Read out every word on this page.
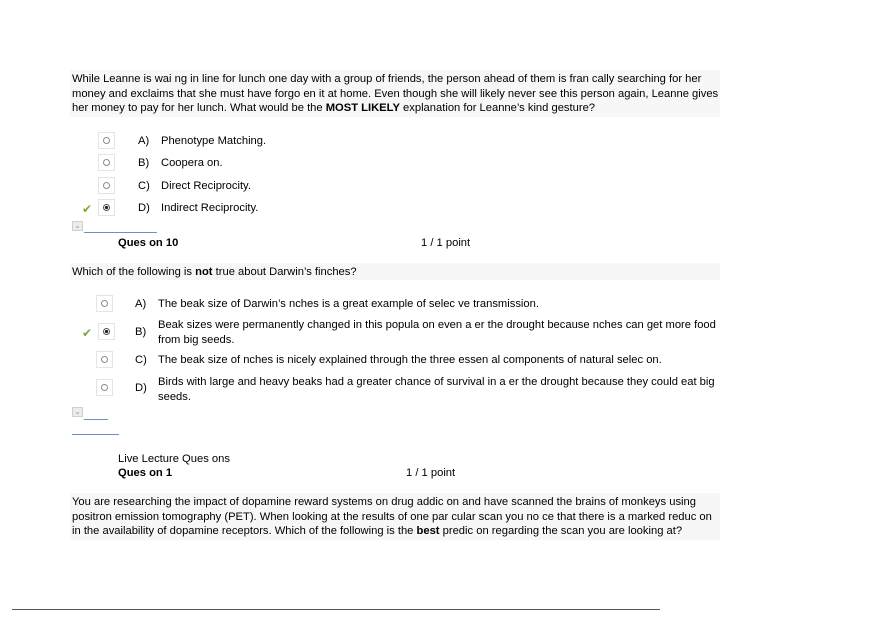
While Leanne is wai ng in line for lunch one day with a group of friends, the person ahead of them is fran cally searching for her
money and exclaims that she must have forgo en it at home. Even though she will likely never see this person again, Leanne gives
her money to pay for her lunch. What would be the MOST LIKELY explanation for Leanne’s kind gesture?
A) Phenotype Matching.
B) Coopera on.
C) Direct Reciprocity.
✔	D) Indirect Reciprocity.
⌄
Ques on 10	1 / 1 point
Which of the following is not true about Darwin’s finches?
A) The beak size of Darwin’s nches is a great example of selec ve transmission.
✔	B)
Beak sizes were permanently changed in this popula on even a er the drought because nches can get more food
from big seeds.
C) The beak size of nches is nicely explained through the three essen al components of natural selec on.
D) Birds with large and heavy beaks had a greater chance of survival in a er the drought because they could eat big
seeds.
⌄
Live Lecture Ques ons
Ques on 1	1 / 1 point
You are researching the impact of dopamine reward systems on drug addic on and have scanned the brains of monkeys using
positron emission tomography (PET). When looking at the results of one par cular scan you no ce that there is a marked reduc on
in the availability of dopamine receptors. Which of the following is the best predic on regarding the scan you are looking at?
